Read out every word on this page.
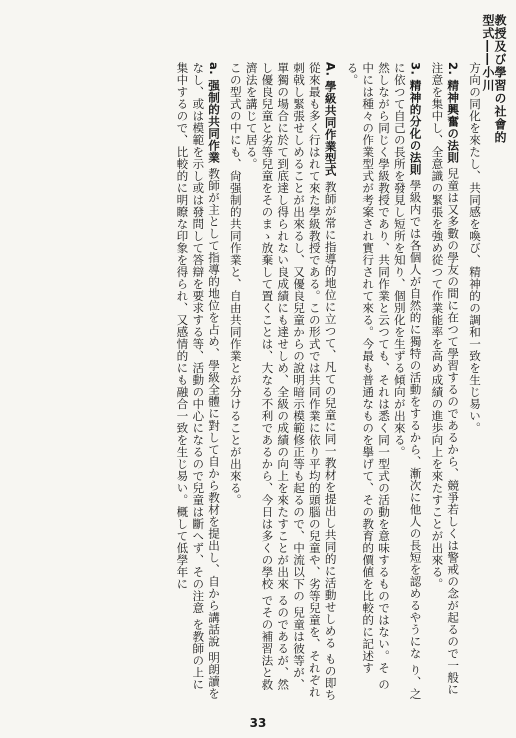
教授及び學習の社會的型式――小川

方向の同化を來たし、共同感を喚び、精神的の調和一致を生じ易い。

2. 精神興奮の法則 兒童は又多數の學友の間に在つて學習するのであるから、競爭若しくは警戒の念が起るので一般に注意を集中し、全意識の緊張を強め從つて作業能率を高め成績の進歩向上を來たすことが出來る。

3. 精神的分化の法則 學級内では各個人が自然的に獨特の活動をするから、漸次に他人の長短を認めるやうにな り、之に依つて自己の長所を發見し短所を知り、個別化を生ずる傾向が出來る。

然しながら同じく學級教授であり、共同作業と云つても、それは悉く同一型式の活動を意味するものではない。そ の中には種々の作業型式が考案され實行されて來る。今最も普通なものを擧げて、その教育的價値を比較的に記述す る。

A. 學級共同作業型式 教師が常に指導的地位に立つて、凡ての兒童に同一教材を提出し共同的に活動せしめる もの即ち從來最も多く行はれて來た學級教授である。この形式では共同作業に依り平均的頭腦の兒童や、劣等兒童を、それぞれ刺戟し緊張せしめることが出來るし、又優良兒童からの說明暗示模範修正等も起るので、中流以下の 兒童は彼等が、單獨の場合に於て到底達し得られない良成績にも達せしめ、全級の成績の向上を來たすことが出來 るのであるが、然し優良兒童と劣等兒童をそのまゝ放棄して置くことは、大なる不利であるから、今日は多くの學校 でその補習法と救濟法を講じて居る。

この型式の中にも、尙强制的共同作業と、自由共同作業とが分けることが出來る。

a. 强制的共同作業 教師が主として指導的地位を占め、學級全體に對して自から教材を提出し、自から講話說 明朗讀をなし、或は模範を示し或は發問して答辯を要求する等、活動の中心になるので兒童は斷へず、その注意 を教師の上に集中するので、比較的に明瞭な印象を得られ、又感情的にも融合一致を生じ易い。概して低學年に

33
